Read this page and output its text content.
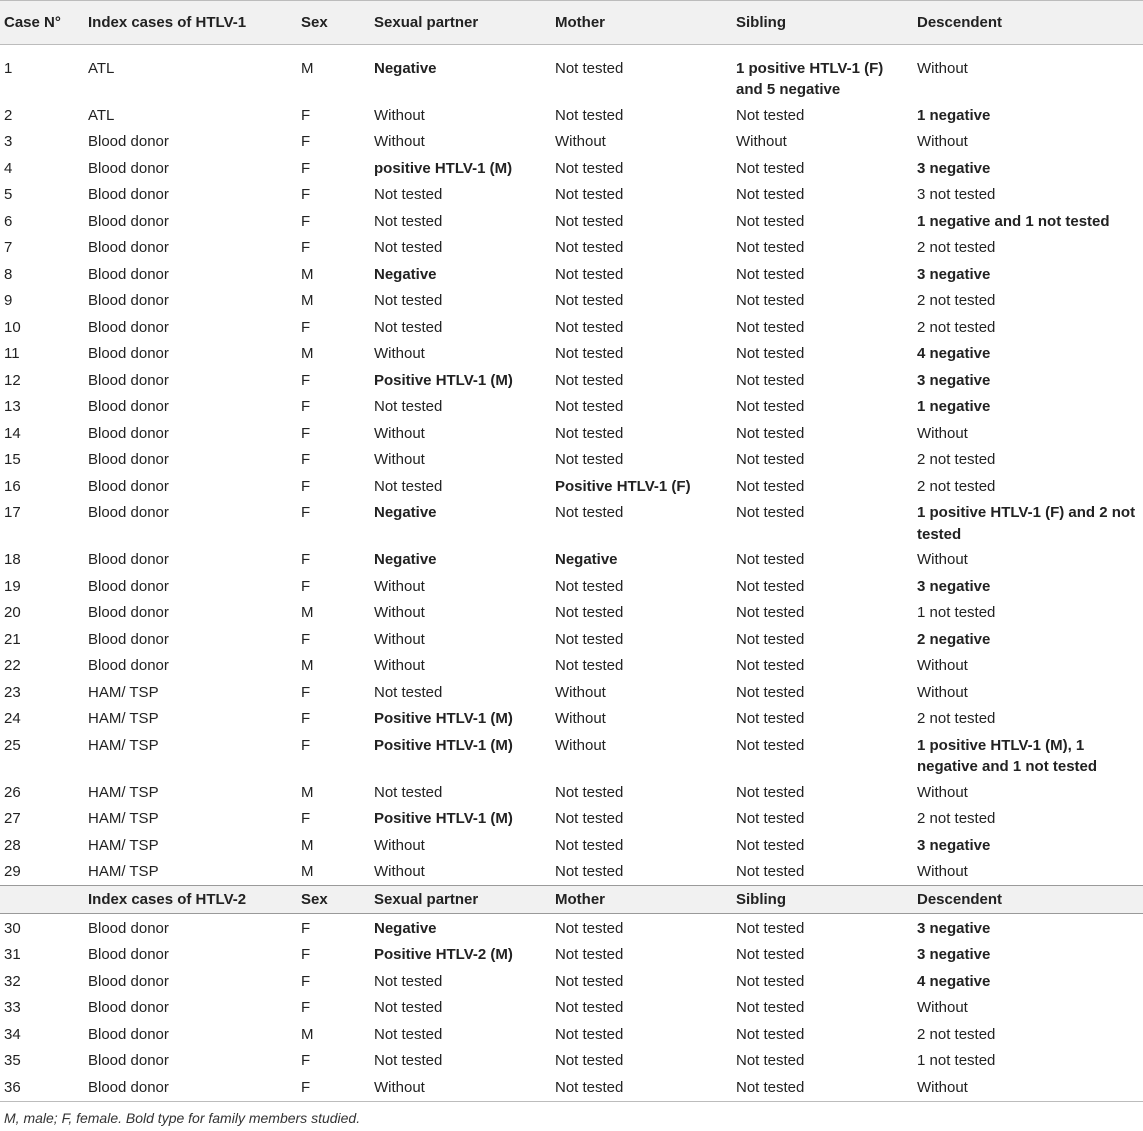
Case N°	Index cases of HTLV-1	Sex	Sexual partner	Mother	Sibling	Descendent

1	ATL	M	Negative	Not tested	1 positive HTLV-1 (F) and 5 negative	Without
2	ATL	F	Without	Not tested	Not tested	1 negative
3	Blood donor	F	Without	Without	Without	Without
4	Blood donor	F	positive HTLV-1 (M)	Not tested	Not tested	3 negative
5	Blood donor	F	Not tested	Not tested	Not tested	3 not tested
6	Blood donor	F	Not tested	Not tested	Not tested	1 negative and 1 not tested
7	Blood donor	F	Not tested	Not tested	Not tested	2 not tested
8	Blood donor	M	Negative	Not tested	Not tested	3 negative
9	Blood donor	M	Not tested	Not tested	Not tested	2 not tested
10	Blood donor	F	Not tested	Not tested	Not tested	2 not tested
11	Blood donor	M	Without	Not tested	Not tested	4 negative
12	Blood donor	F	Positive HTLV-1 (M)	Not tested	Not tested	3 negative
13	Blood donor	F	Not tested	Not tested	Not tested	1 negative
14	Blood donor	F	Without	Not tested	Not tested	Without
15	Blood donor	F	Without	Not tested	Not tested	2 not tested
16	Blood donor	F	Not tested	Positive HTLV-1 (F)	Not tested	2 not tested
17	Blood donor	F	Negative	Not tested	Not tested	1 positive HTLV-1 (F) and 2 not tested
18	Blood donor	F	Negative	Negative	Not tested	Without
19	Blood donor	F	Without	Not tested	Not tested	3 negative
20	Blood donor	M	Without	Not tested	Not tested	1 not tested
21	Blood donor	F	Without	Not tested	Not tested	2 negative
22	Blood donor	M	Without	Not tested	Not tested	Without
23	HAM/ TSP	F	Not tested	Without	Not tested	Without
24	HAM/ TSP	F	Positive HTLV-1 (M)	Without	Not tested	2 not tested
25	HAM/ TSP	F	Positive HTLV-1 (M)	Without	Not tested	1 positive HTLV-1 (M), 1 negative and 1 not tested
26	HAM/ TSP	M	Not tested	Not tested	Not tested	Without
27	HAM/ TSP	F	Positive HTLV-1 (M)	Not tested	Not tested	2 not tested
28	HAM/ TSP	M	Without	Not tested	Not tested	3 negative
29	HAM/ TSP	M	Without	Not tested	Not tested	Without
	Index cases of HTLV-2	Sex	Sexual partner	Mother	Sibling	Descendent

30	Blood donor	F	Negative	Not tested	Not tested	3 negative
31	Blood donor	F	Positive HTLV-2 (M)	Not tested	Not tested	3 negative
32	Blood donor	F	Not tested	Not tested	Not tested	4 negative
33	Blood donor	F	Not tested	Not tested	Not tested	Without
34	Blood donor	M	Not tested	Not tested	Not tested	2 not tested
35	Blood donor	F	Not tested	Not tested	Not tested	1 not tested
36	Blood donor	F	Without	Not tested	Not tested	Without
M, male; F, female. Bold type for family members studied.
